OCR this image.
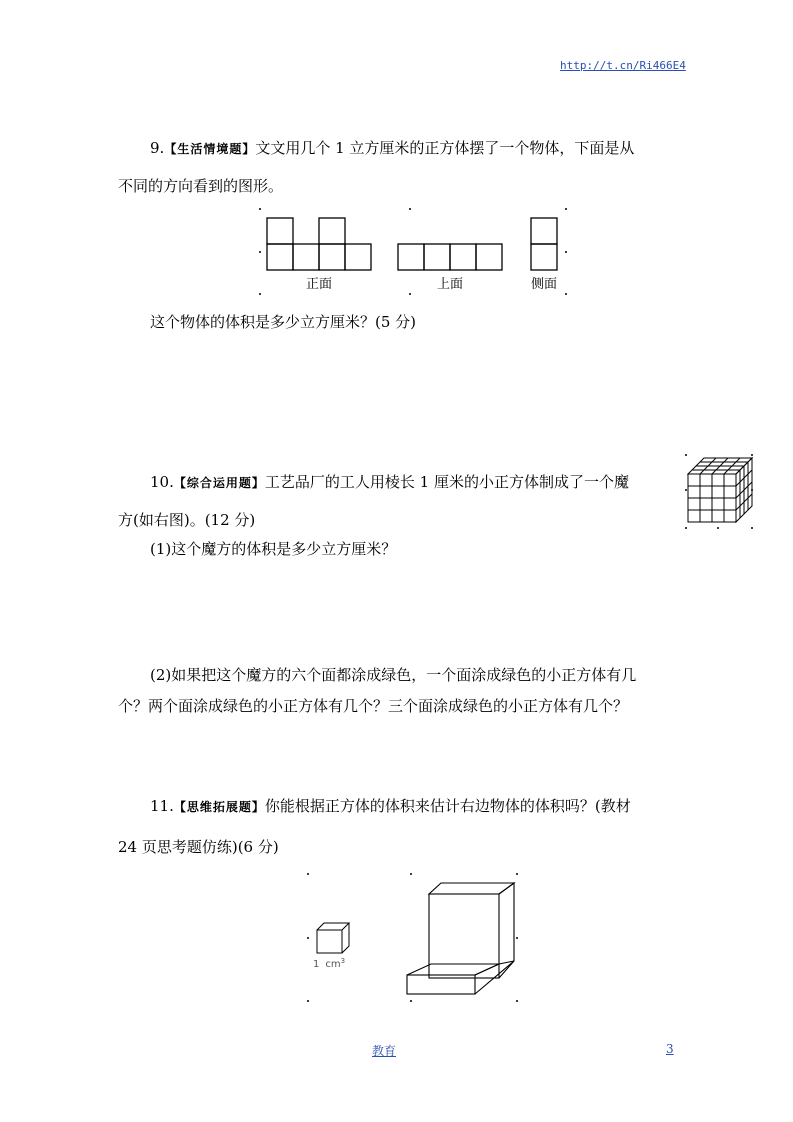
http://t.cn/Ri466E4
9.【生活情境题】文文用几个 1 立方厘米的正方体摆了一个物体，下面是从
不同的方向看到的图形。
正面	上面	侧面
这个物体的体积是多少立方厘米？(5 分)
10.【综合运用题】工艺品厂的工人用棱长 1 厘米的小正方体制成了一个魔
方(如右图)。(12 分)
(1)这个魔方的体积是多少立方厘米？
(2)如果把这个魔方的六个面都涂成绿色，一个面涂成绿色的小正方体有几
个？两个面涂成绿色的小正方体有几个？三个面涂成绿色的小正方体有几个？
11.【思维拓展题】你能根据正方体的体积来估计右边物体的体积吗？(教材
24 页思考题仿练)(6 分)
1 $cm^3$
教育	3
